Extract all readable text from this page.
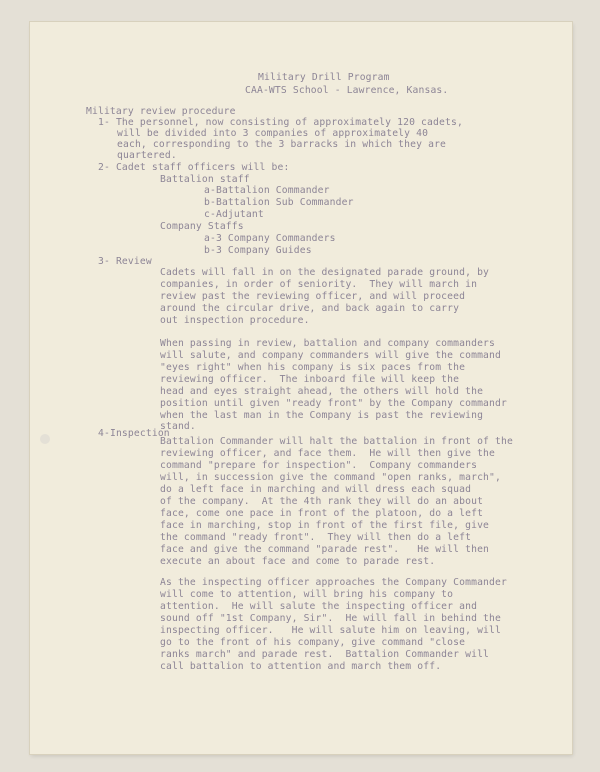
Military Drill Program
CAA-WTS School - Lawrence, Kansas.
Military review procedure
1- The personnel, now consisting of approximately 120 cadets,
will be divided into 3 companies of approximately 40
each, corresponding to the 3 barracks in which they are
quartered.
2- Cadet staff officers will be:
Battalion staff
a-Battalion Commander
b-Battalion Sub Commander
c-Adjutant
Company Staffs
a-3 Company Commanders
b-3 Company Guides
3- Review
Cadets will fall in on the designated parade ground, by
companies, in order of seniority.  They will march in
review past the reviewing officer, and will proceed
around the circular drive, and back again to carry
out inspection procedure.
When passing in review, battalion and company commanders
will salute, and company commanders will give the command
"eyes right" when his company is six paces from the
reviewing officer.  The inboard file will keep the
head and eyes straight ahead, the others will hold the
position until given "ready front" by the Company commandr
when the last man in the Company is past the reviewing
stand.
4-Inspection
Battalion Commander will halt the battalion in front of the
reviewing officer, and face them.  He will then give the
command "prepare for inspection".  Company commanders
will, in succession give the command "open ranks, march",
do a left face in marching and will dress each squad
of the company.  At the 4th rank they will do an about
face, come one pace in front of the platoon, do a left
face in marching, stop in front of the first file, give
the command "ready front".  They will then do a left
face and give the command "parade rest".   He will then
execute an about face and come to parade rest.
As the inspecting officer approaches the Company Commander
will come to attention, will bring his company to
attention.  He will salute the inspecting officer and
sound off "1st Company, Sir".  He will fall in behind the
inspecting officer.   He will salute him on leaving, will
go to the front of his company, give command "close
ranks march" and parade rest.  Battalion Commander will
call battalion to attention and march them off.
